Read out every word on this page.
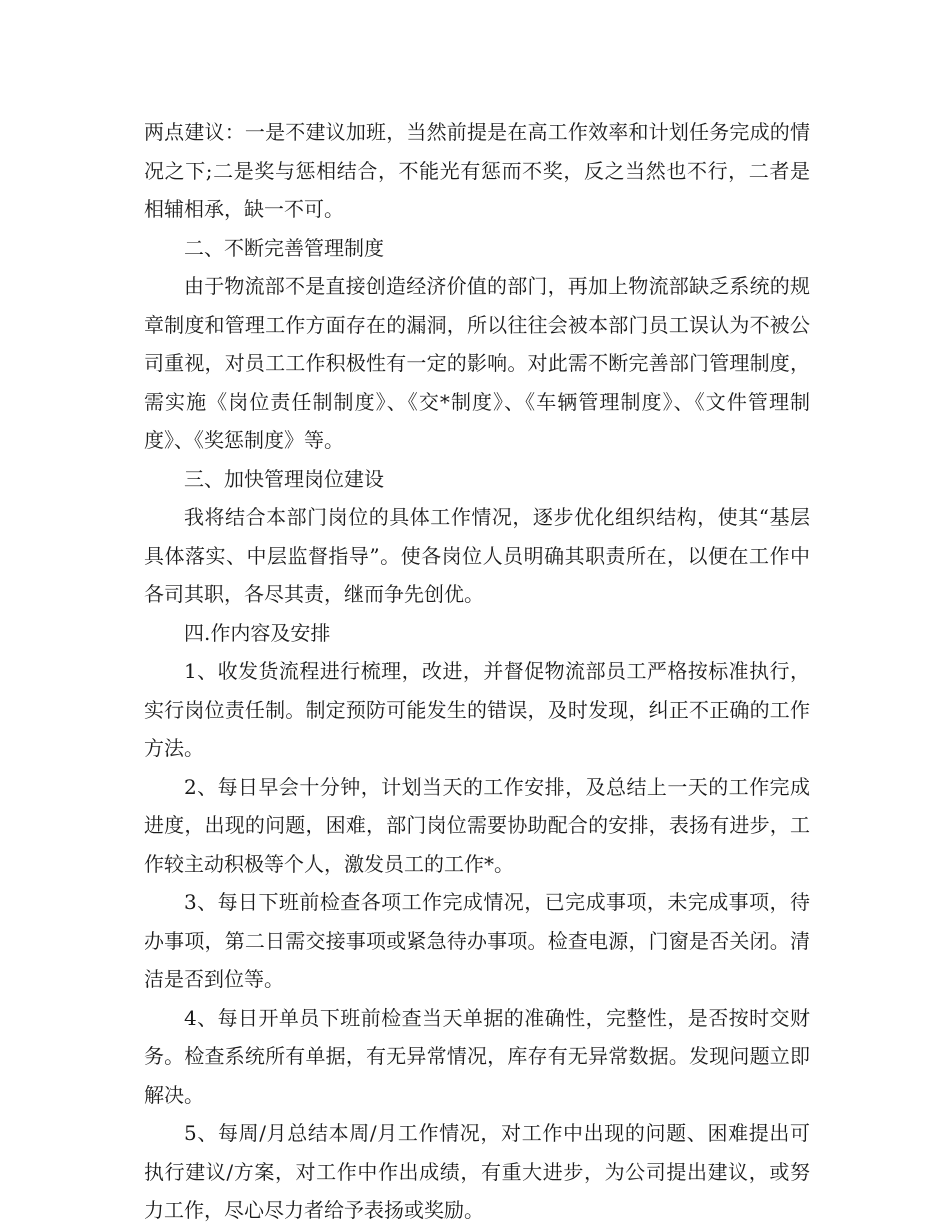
两点建议：一是不建议加班，当然前提是在高工作效率和计划任务完成的情况之下;二是奖与惩相结合，不能光有惩而不奖，反之当然也不行，二者是相辅相承，缺一不可。

二、不断完善管理制度

由于物流部不是直接创造经济价值的部门，再加上物流部缺乏系统的规章制度和管理工作方面存在的漏洞，所以往往会被本部门员工误认为不被公司重视，对员工工作积极性有一定的影响。对此需不断完善部门管理制度，需实施《岗位责任制制度》、《交*制度》、《车辆管理制度》、《文件管理制度》、《奖惩制度》等。

三、加快管理岗位建设

我将结合本部门岗位的具体工作情况，逐步优化组织结构，使其“基层具体落实、中层监督指导”。使各岗位人员明确其职责所在，以便在工作中各司其职，各尽其责，继而争先创优。

四.作内容及安排

1、收发货流程进行梳理，改进，并督促物流部员工严格按标准执行，实行岗位责任制。制定预防可能发生的错误，及时发现，纠正不正确的工作方法。

2、每日早会十分钟，计划当天的工作安排，及总结上一天的工作完成进度，出现的问题，困难，部门岗位需要协助配合的安排，表扬有进步，工作较主动积极等个人，激发员工的工作*。

3、每日下班前检查各项工作完成情况，已完成事项，未完成事项，待办事项，第二日需交接事项或紧急待办事项。检查电源，门窗是否关闭。清洁是否到位等。

4、每日开单员下班前检查当天单据的准确性，完整性，是否按时交财务。检查系统所有单据，有无异常情况，库存有无异常数据。发现问题立即解决。

5、每周/月总结本周/月工作情况，对工作中出现的问题、困难提出可执行建议/方案，对工作中作出成绩，有重大进步，为公司提出建议，或努力工作，尽心尽力者给予表扬或奖励。
